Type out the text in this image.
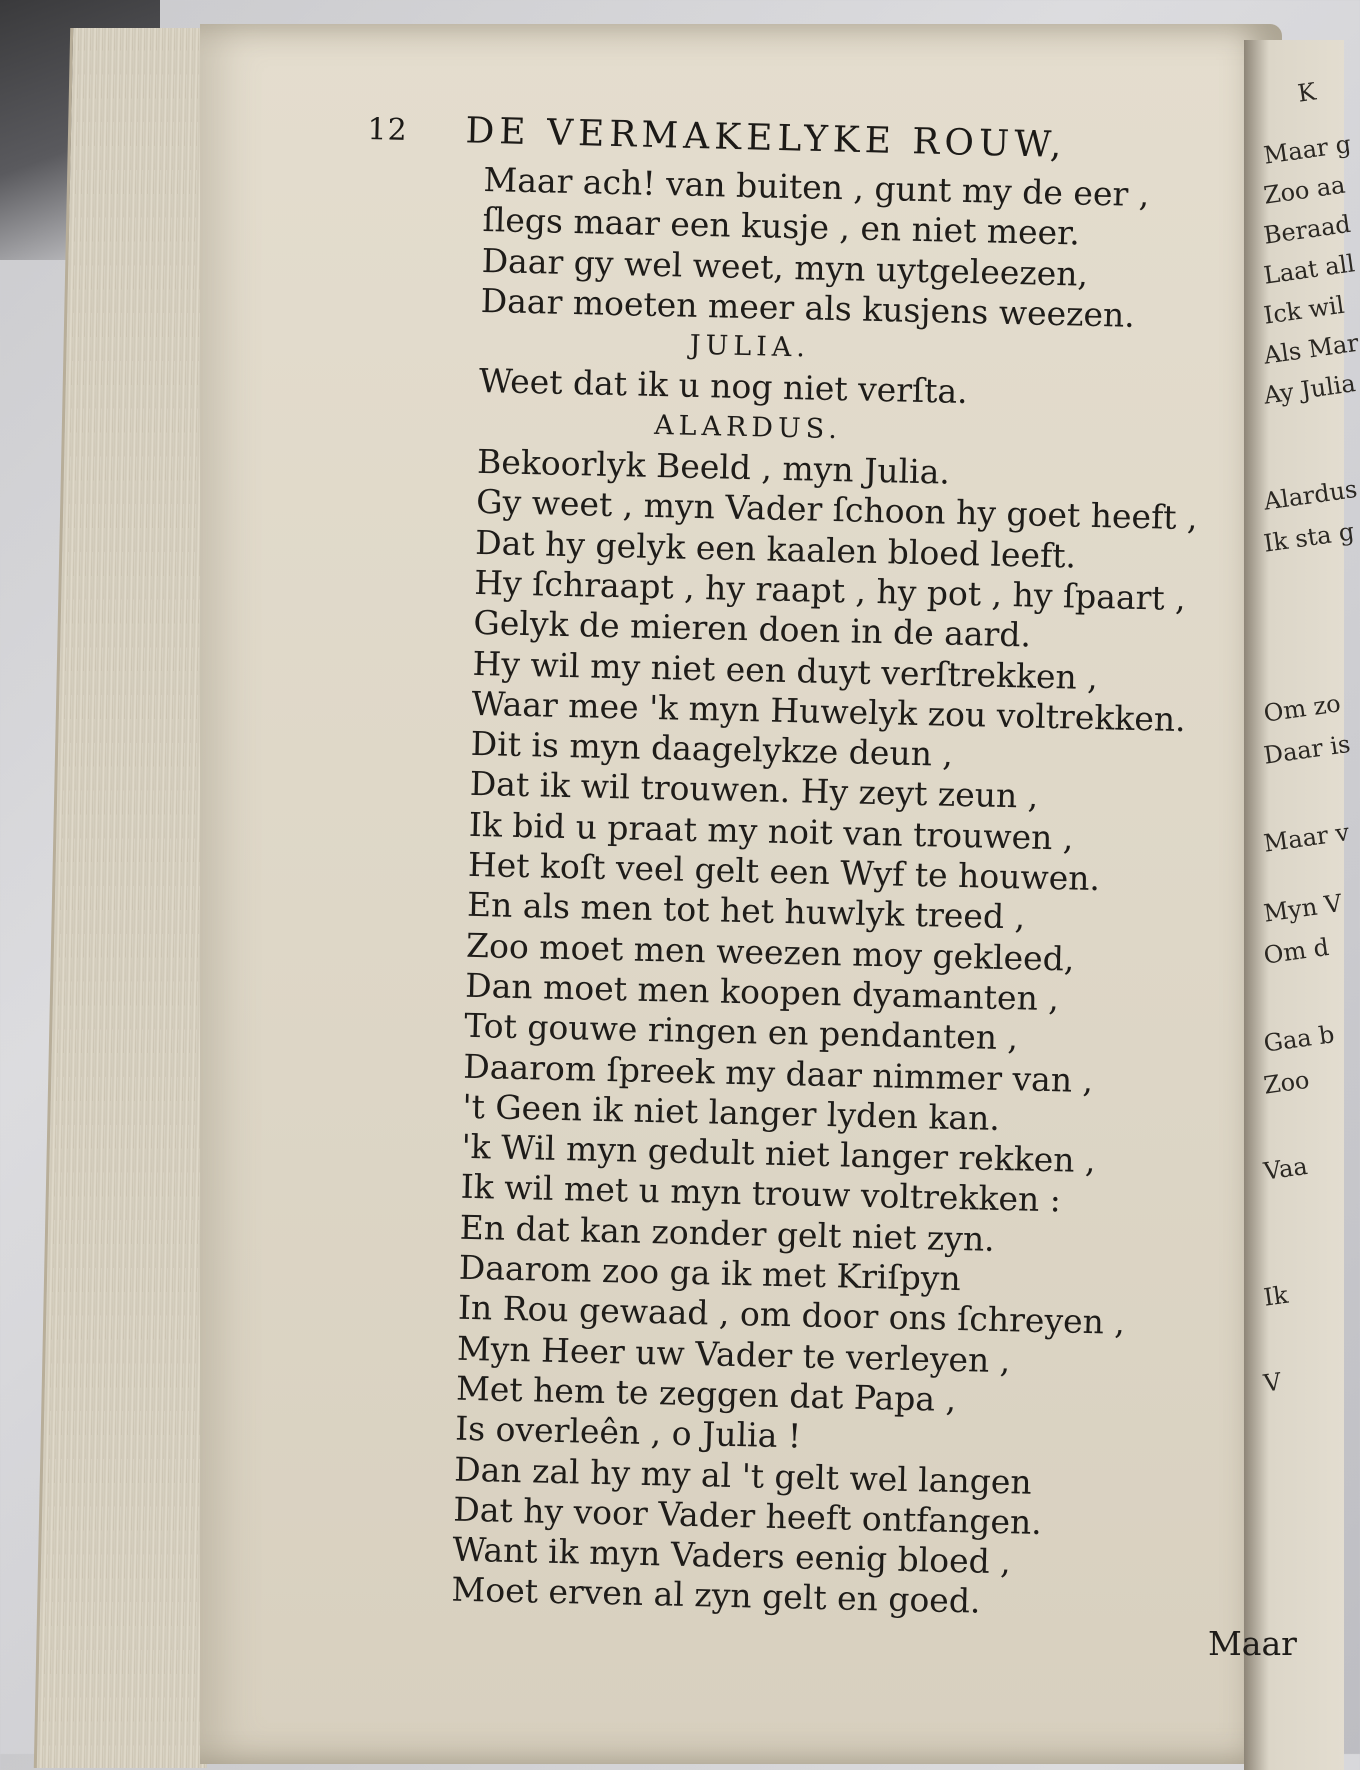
K
Maar g
Zoo aa
Beraad
Laat all
Ick wil
Als Mar
Ay Julia
Alardus
Ik sta g
Om zo
Daar is
Maar v
Myn V
Om d
Gaa b
Zoo
Vaa
Ik
V
12 DE VERMAKELYKE ROUW,
Maar ach! van buiten , gunt my de eer ,
ſlegs maar een kusje , en niet meer.
Daar gy wel weet, myn uytgeleezen,
Daar moeten meer als kusjens weezen.
JULIA.
Weet dat ik u nog niet verſta.
ALARDUS.
Bekoorlyk Beeld , myn Julia.
Gy weet , myn Vader ſchoon hy goet heeft ,
Dat hy gelyk een kaalen bloed leeft.
Hy ſchraapt , hy raapt , hy pot , hy ſpaart ,
Gelyk de mieren doen in de aard.
Hy wil my niet een duyt verſtrekken ,
Waar mee 'k myn Huwelyk zou voltrekken.
Dit is myn daagelykze deun ,
Dat ik wil trouwen. Hy zeyt zeun ,
Ik bid u praat my noit van trouwen ,
Het koſt veel gelt een Wyf te houwen.
En als men tot het huwlyk treed ,
Zoo moet men weezen moy gekleed,
Dan moet men koopen dyamanten ,
Tot gouwe ringen en pendanten ,
Daarom ſpreek my daar nimmer van ,
't Geen ik niet langer lyden kan.
'k Wil myn gedult niet langer rekken ,
Ik wil met u myn trouw voltrekken :
En dat kan zonder gelt niet zyn.
Daarom zoo ga ik met Kriſpyn
In Rou gewaad , om door ons ſchreyen ,
Myn Heer uw Vader te verleyen ,
Met hem te zeggen dat Papa ,
Is overleên , o Julia !
Dan zal hy my al 't gelt wel langen
Dat hy voor Vader heeft ontfangen.
Want ik myn Vaders eenig bloed ,
Moet erven al zyn gelt en goed.
Maar
